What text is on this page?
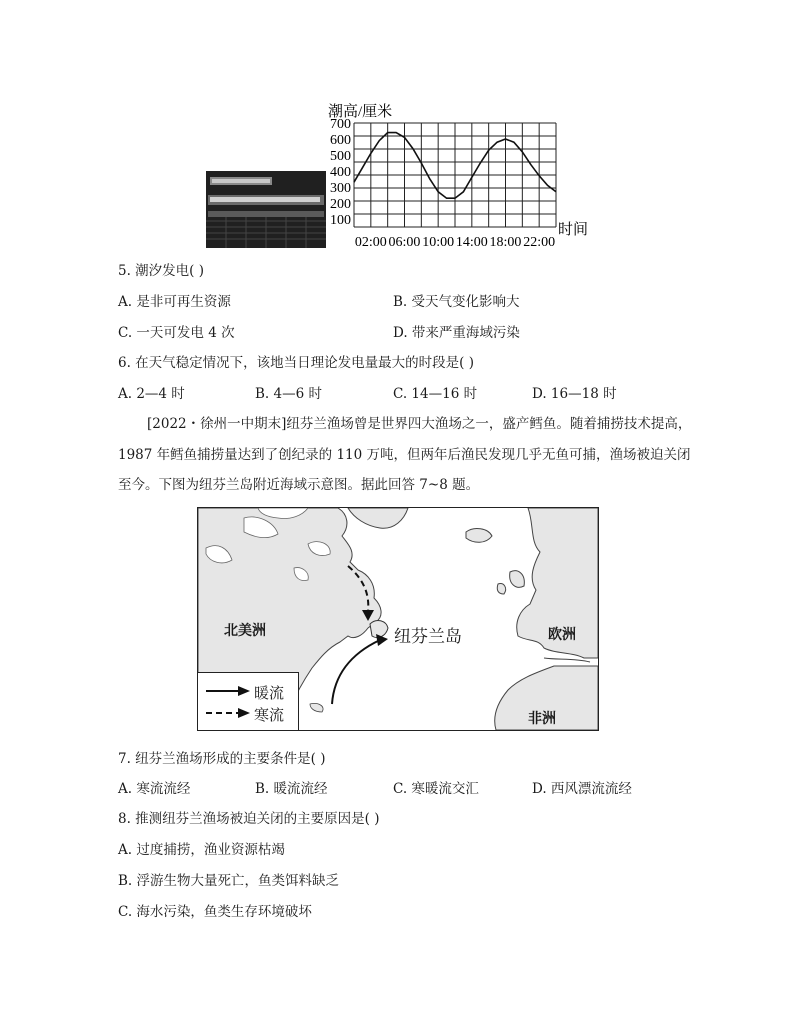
潮高/厘米
700
600
500
400
300
200
100
02:00 06:00 10:00 14:00 18:00 22:00
时间
5. 潮汐发电( )
A. 是非可再生资源	B. 受天气变化影响大
C. 一天可发电 4 次	D. 带来严重海域污染
6. 在天气稳定情况下，该地当日理论发电量最大的时段是( )
A. 2—4 时	B. 4—6 时	C. 14—16 时	D. 16—18 时
[2022・徐州一中期末]纽芬兰渔场曾是世界四大渔场之一，盛产鳕鱼。随着捕捞技术提高，
1987 年鳕鱼捕捞量达到了创纪录的 110 万吨，但两年后渔民发现几乎无鱼可捕，渔场被迫关闭
至今。下图为纽芬兰岛附近海域示意图。据此回答 7~8 题。
北美洲	纽芬兰岛	欧洲
非洲
暖流
寒流
7. 纽芬兰渔场形成的主要条件是( )
A. 寒流流经	B. 暖流流经	C. 寒暖流交汇	D. 西风漂流流经
8. 推测纽芬兰渔场被迫关闭的主要原因是( )
A. 过度捕捞，渔业资源枯竭
B. 浮游生物大量死亡，鱼类饵料缺乏
C. 海水污染，鱼类生存环境破坏
